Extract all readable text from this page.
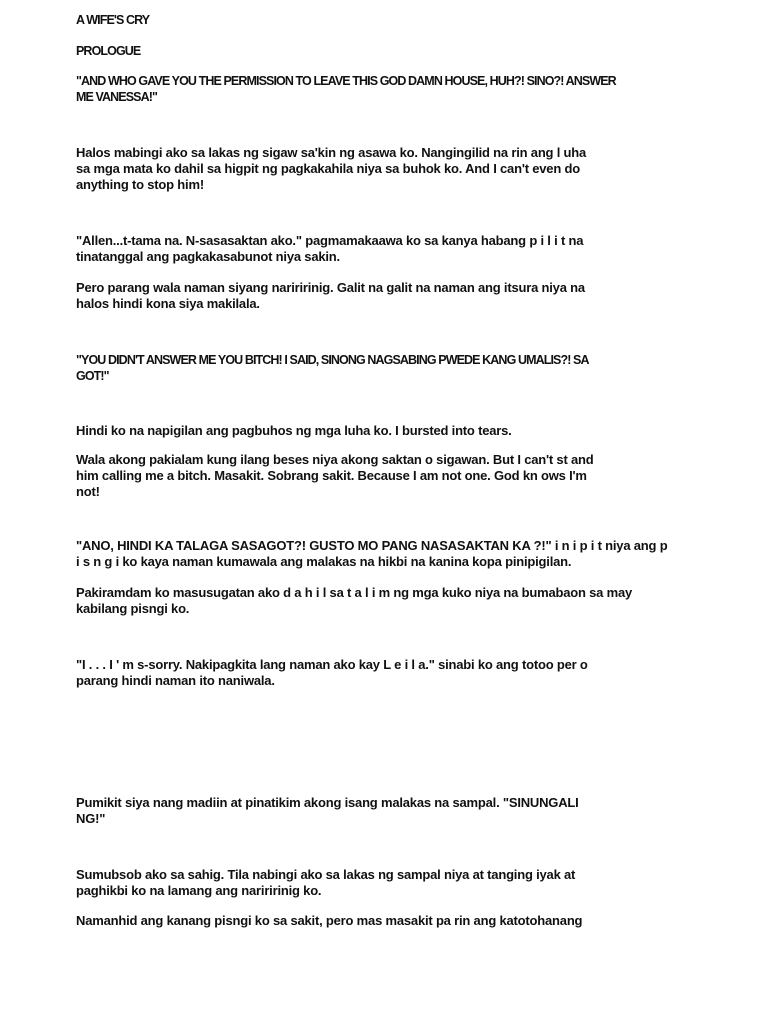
A WIFE'S CRY
PROLOGUE
"AND WHO GAVE YOU THE PERMISSION TO LEAVE THIS GOD DAMN HOUSE, HUH?! SINO?! ANSWER
ME VANESSA!"
Halos mabingi ako sa lakas ng sigaw sa'kin ng asawa ko. Nangingilid na rin ang l uha
sa mga mata ko dahil sa higpit ng pagkakahila niya sa buhok ko. And I can't even do
anything to stop him!
"Allen...t-tama na. N-sasasaktan ako." pagmamakaawa ko sa kanya habang p i l i t na
tinatanggal ang pagkakasabunot niya sakin.
Pero parang wala naman siyang nariririnig. Galit na galit na naman ang itsura niya na
halos hindi kona siya makilala.
"YOU DIDN'T ANSWER ME YOU BITCH! I SAID, SINONG NAGSABING PWEDE KANG UMALIS?! SA
GOT!"
Hindi ko na napigilan ang pagbuhos ng mga luha ko. I bursted into tears.
Wala akong pakialam kung ilang beses niya akong saktan o sigawan. But I can't st and
him calling me a bitch. Masakit. Sobrang sakit. Because I am not one. God kn ows I'm
not!
"ANO, HINDI KA TALAGA SASAGOT?! GUSTO MO PANG NASASAKTAN KA ?!" i n i p i t niya ang p
i s n g i ko kaya naman kumawala ang malakas na hikbi na kanina kopa pinipigilan.
Pakiramdam ko masusugatan ako d a h i l sa t a l i m ng mga kuko niya na bumabaon sa may
kabilang pisngi ko.
"I . . . I ' m s-sorry. Nakipagkita lang naman ako kay L e i l a." sinabi ko ang totoo per o
parang hindi naman ito naniwala.
Pumikit siya nang madiin at pinatikim akong isang malakas na sampal. "SINUNGALI
NG!"
Sumubsob ako sa sahig. Tila nabingi ako sa lakas ng sampal niya at tanging iyak at
paghikbi ko na lamang ang nariririnig ko.
Namanhid ang kanang pisngi ko sa sakit, pero mas masakit pa rin ang katotohanang
